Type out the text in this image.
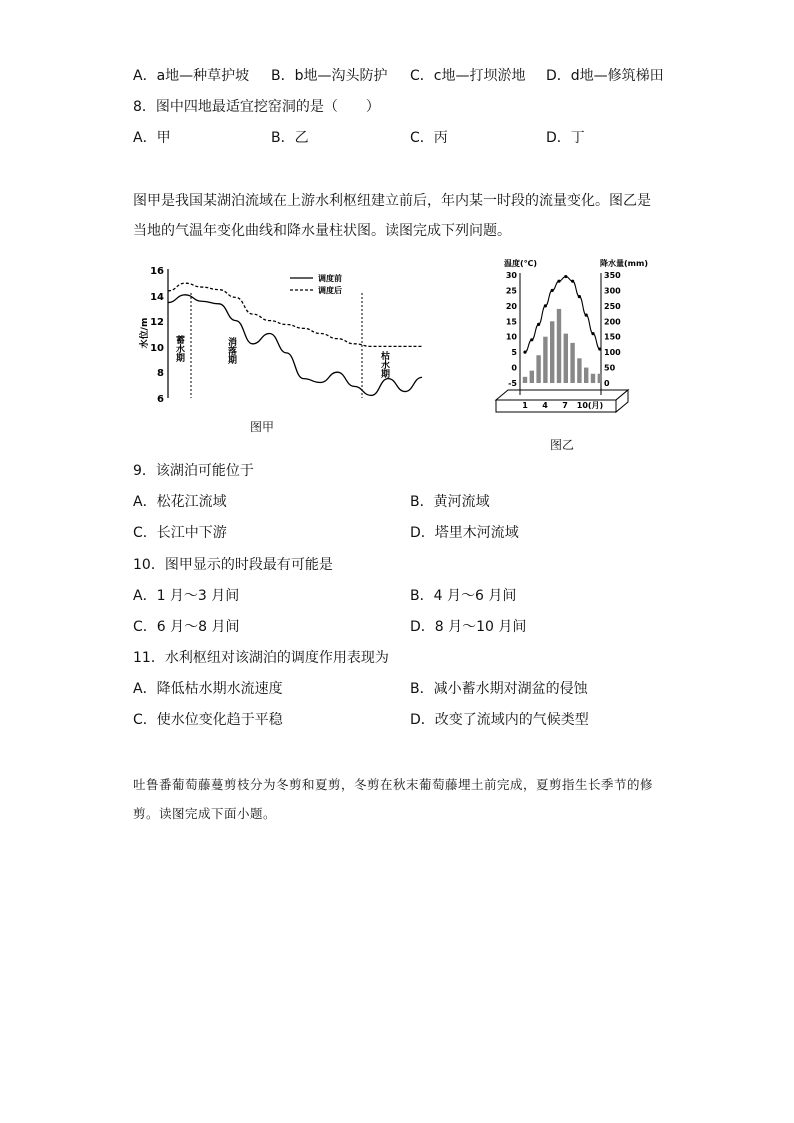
A．a地—种草护坡 B．b地—沟头防护 C．c地—打坝淤地 D．d地—修筑梯田
8．图中四地最适宜挖窑洞的是（　　）
A．甲	B．乙	C．丙	D．丁
图甲是我国某湖泊流域在上游水利枢纽建立前后，年内某一时段的流量变化。图乙是当地的气温年变化曲线和降水量柱状图。读图完成下列问题。
16
14
12
10
8
6
水位/m
蓄水期	消落期
枯水期
调度前
调度后
图甲
温度(℃)	降水量(mm)
30
25
20
15
10
5
0
-5
350
300
250
200
150
100
50
0
1 4 7 10(月)
图乙
9．该湖泊可能位于
A．松花江流域	B．黄河流域
C．长江中下游	D．塔里木河流域
10．图甲显示的时段最有可能是
A．1 月～3 月间	B．4 月～6 月间
C．6 月～8 月间	D．8 月～10 月间
11．水利枢纽对该湖泊的调度作用表现为
A．降低枯水期水流速度	B．减小蓄水期对湖盆的侵蚀
C．使水位变化趋于平稳	D．改变了流域内的气候类型
吐鲁番葡萄藤蔓剪枝分为冬剪和夏剪，冬剪在秋末葡萄藤埋土前完成，夏剪指生长季节的修剪。读图完成下面小题。
